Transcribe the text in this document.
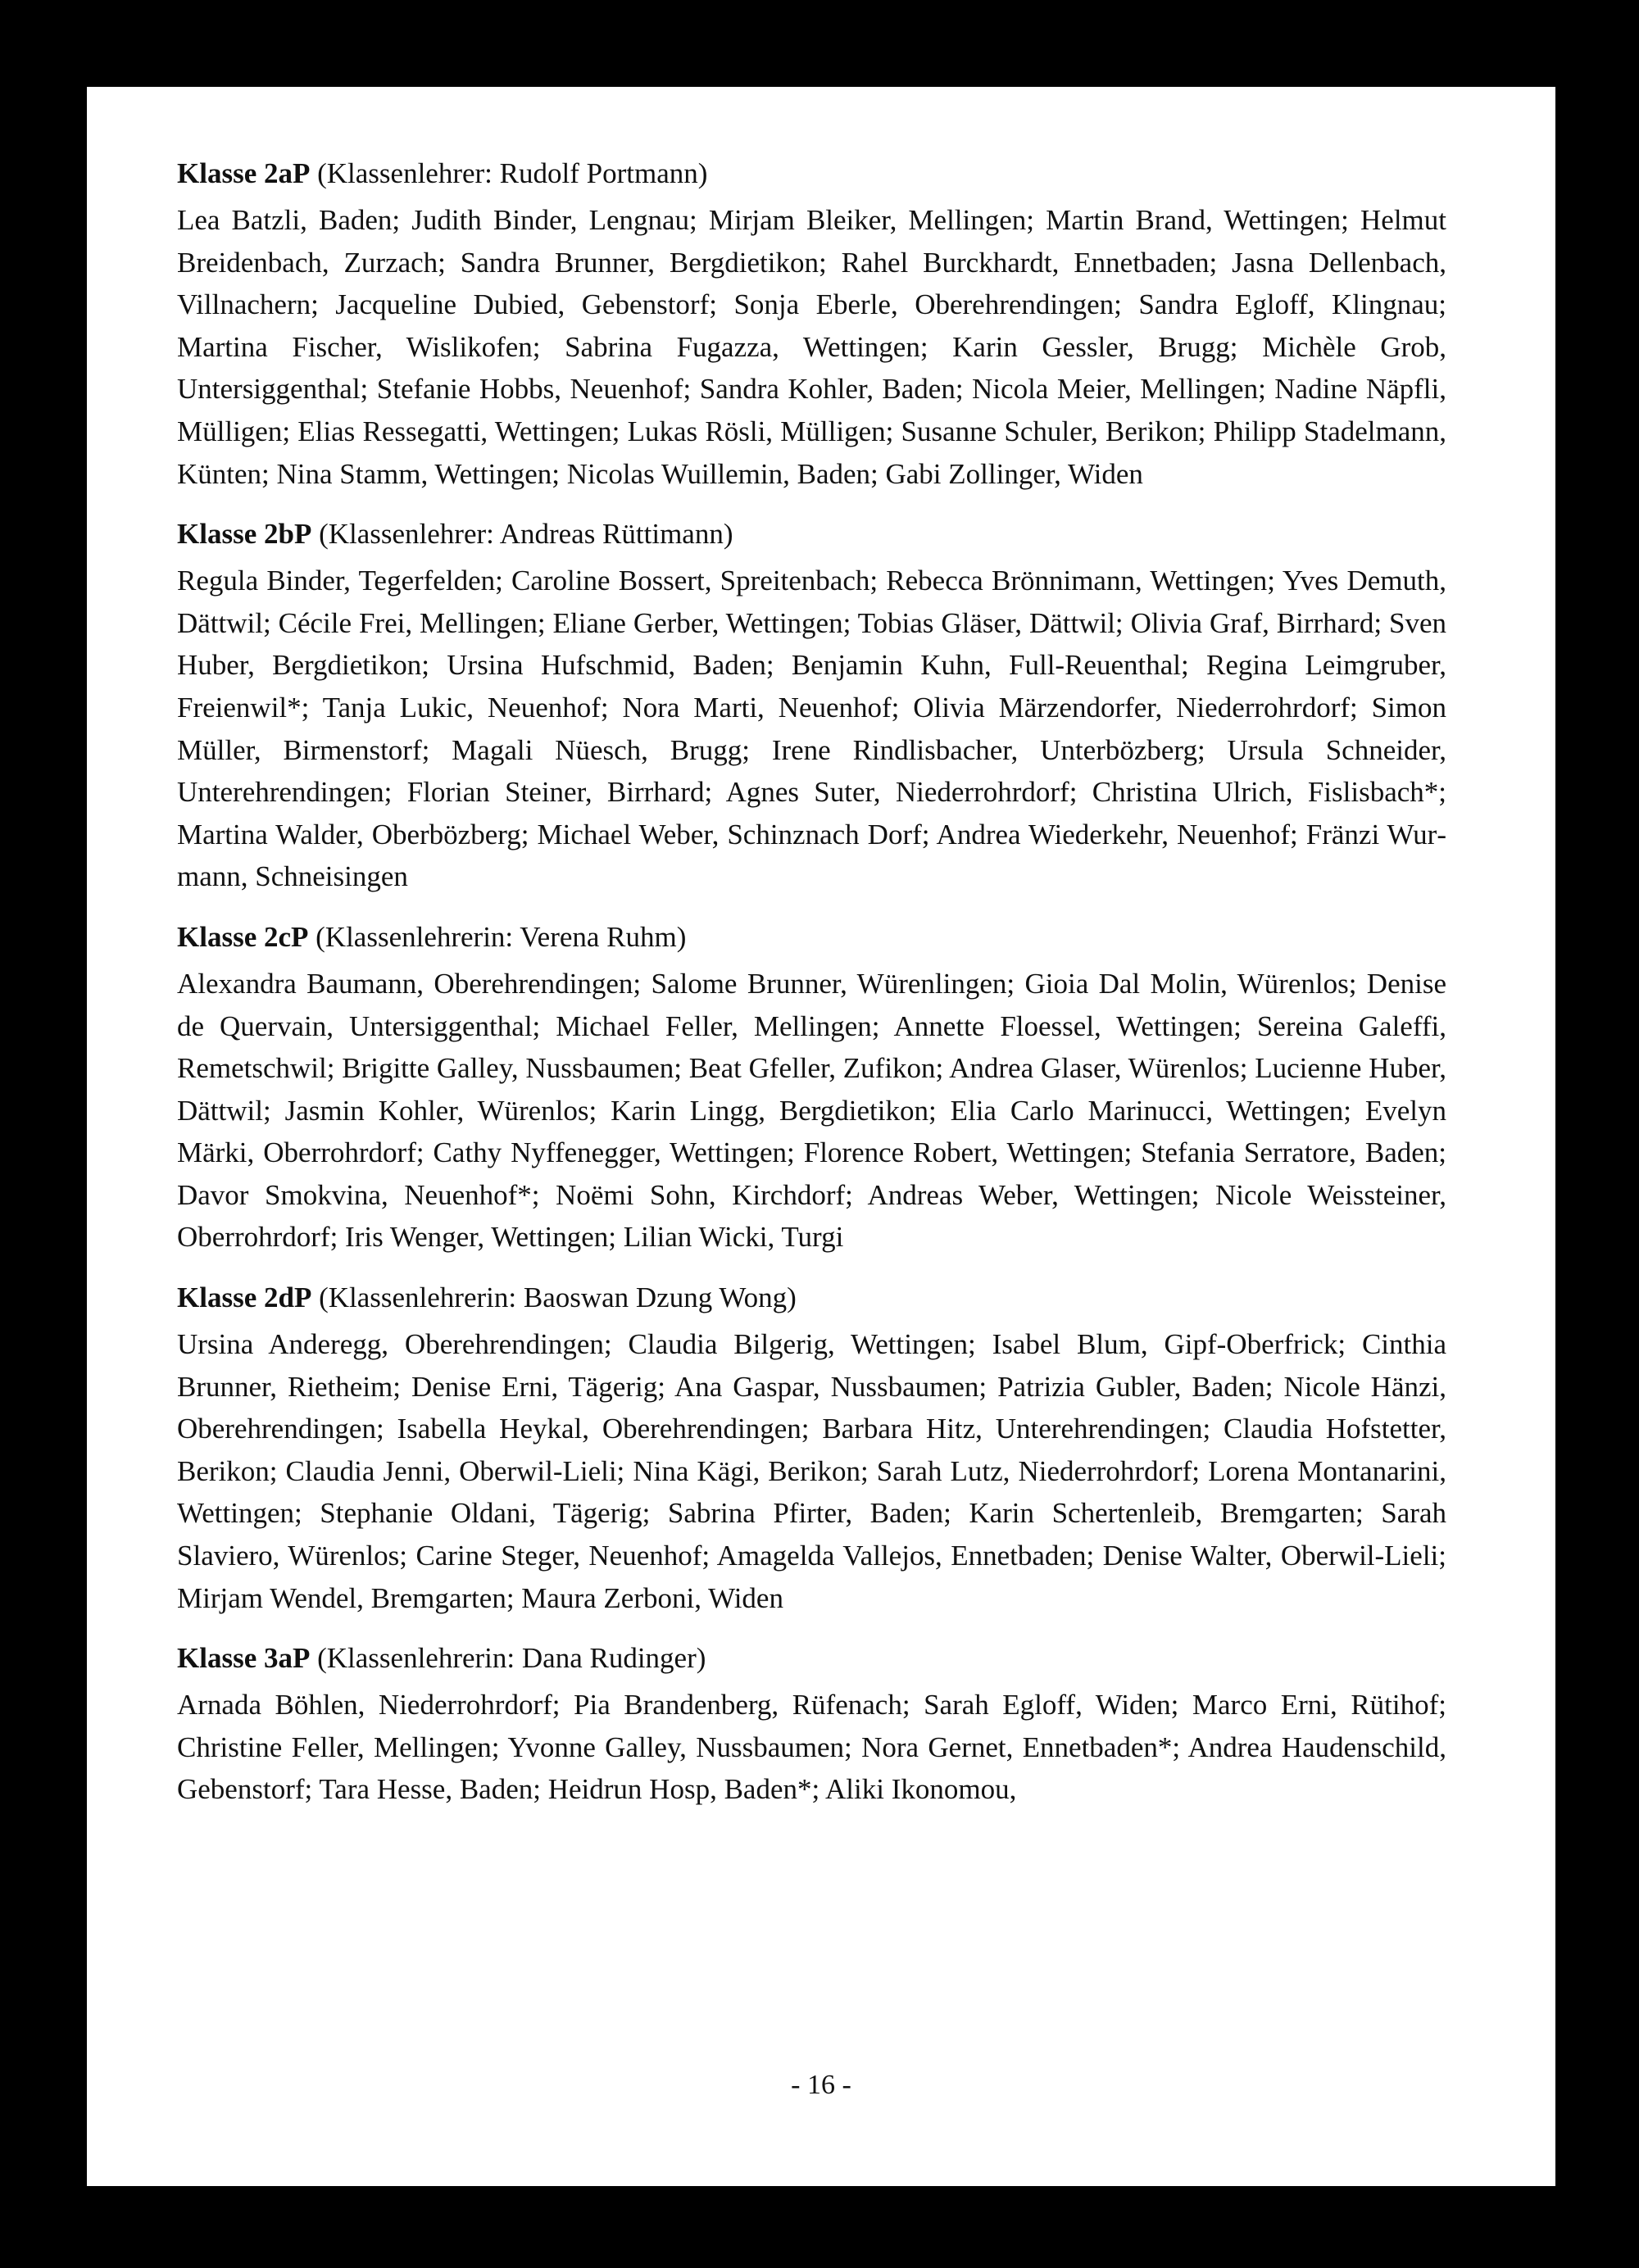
Klasse 2aP (Klassenlehrer: Rudolf Portmann)
Lea Batzli, Baden; Judith Binder, Lengnau; Mirjam Bleiker, Mellingen; Martin Brand, Wettingen; Helmut Breidenbach, Zurzach; Sandra Brunner, Bergdietikon; Rahel Burckhardt, Ennetbaden; Jasna Dellenbach, Villnachern; Jacqueline Dubied, Gebenstorf; Sonja Eberle, Oberehrendingen; Sandra Egloff, Klingnau; Martina Fischer, Wislikofen; Sabrina Fugazza, Wettingen; Karin Gessler, Brugg; Michèle Grob, Untersiggenthal; Stefanie Hobbs, Neuenhof; Sandra Kohler, Baden; Nicola Meier, Mellingen; Nadine Näpfli, Mülligen; Elias Ressegatti, Wettingen; Lukas Rösli, Mülligen; Susanne Schuler, Berikon; Philipp Stadelmann, Künten; Nina Stamm, Wettingen; Nicolas Wuillemin, Baden; Gabi Zollinger, Widen
Klasse 2bP (Klassenlehrer: Andreas Rüttimann)
Regula Binder, Tegerfelden; Caroline Bossert, Spreitenbach; Rebecca Brönnimann, Wettingen; Yves Demuth, Dättwil; Cécile Frei, Mellingen; Eliane Gerber, Wettingen; Tobias Gläser, Dättwil; Olivia Graf, Birrhard; Sven Huber, Bergdietikon; Ursina Hufschmid, Baden; Benjamin Kuhn, Full-Reuenthal; Regina Leimgruber, Freienwil*; Tanja Lukic, Neuenhof; Nora Marti, Neuenhof; Olivia Märzendorfer, Niederrohrdorf; Simon Müller, Birmenstorf; Magali Nüesch, Brugg; Irene Rindlisbacher, Unterbözberg; Ursula Schneider, Unterehrendingen; Florian Steiner, Birrhard; Agnes Suter, Niederrohrdorf; Christina Ulrich, Fislisbach*; Martina Walder, Oberbözberg; Michael Weber, Schinznach Dorf; Andrea Wiederkehr, Neuenhof; Fränzi Wurmann, Schneisingen
Klasse 2cP (Klassenlehrerin: Verena Ruhm)
Alexandra Baumann, Oberehrendingen; Salome Brunner, Würenlingen; Gioia Dal Molin, Würenlos; Denise de Quervain, Untersiggenthal; Michael Feller, Mellingen; Annette Floessel, Wettingen; Sereina Galeffi, Remetschwil; Brigitte Galley, Nussbaumen; Beat Gfeller, Zufikon; Andrea Glaser, Würenlos; Lucienne Huber, Dättwil; Jasmin Kohler, Würenlos; Karin Lingg, Bergdietikon; Elia Carlo Marinucci, Wettingen; Evelyn Märki, Oberrohrdorf; Cathy Nyffenegger, Wettingen; Florence Robert, Wettingen; Stefania Serratore, Baden; Davor Smokvina, Neuenhof*; Noëmi Sohn, Kirchdorf; Andreas Weber, Wettingen; Nicole Weissteiner, Oberrohrdorf; Iris Wenger, Wettingen; Lilian Wicki, Turgi
Klasse 2dP (Klassenlehrerin: Baoswan Dzung Wong)
Ursina Anderegg, Oberehrendingen; Claudia Bilgerig, Wettingen; Isabel Blum, Gipf-Oberfrick; Cinthia Brunner, Rietheim; Denise Erni, Tägerig; Ana Gaspar, Nussbaumen; Patrizia Gubler, Baden; Nicole Hänzi, Oberehrendingen; Isabella Heykal, Oberehrendingen; Barbara Hitz, Unterehrendingen; Claudia Hofstetter, Berikon; Claudia Jenni, Oberwil-Lieli; Nina Kägi, Berikon; Sarah Lutz, Niederrohrdorf; Lorena Montanarini, Wettingen; Stephanie Oldani, Tägerig; Sabrina Pfirter, Baden; Karin Schertenleib, Bremgarten; Sarah Slaviero, Würenlos; Carine Steger, Neuenhof; Amagelda Vallejos, Ennetbaden; Denise Walter, Oberwil-Lieli; Mirjam Wendel, Bremgarten; Maura Zerboni, Widen
Klasse 3aP (Klassenlehrerin: Dana Rudinger)
Arnada Böhlen, Niederrohrdorf; Pia Brandenberg, Rüfenach; Sarah Egloff, Widen; Marco Erni, Rütihof; Christine Feller, Mellingen; Yvonne Galley, Nussbaumen; Nora Gernet, Ennetbaden*; Andrea Haudenschild, Gebenstorf; Tara Hesse, Baden; Heidrun Hosp, Baden*; Aliki Ikonomou,
- 16 -
